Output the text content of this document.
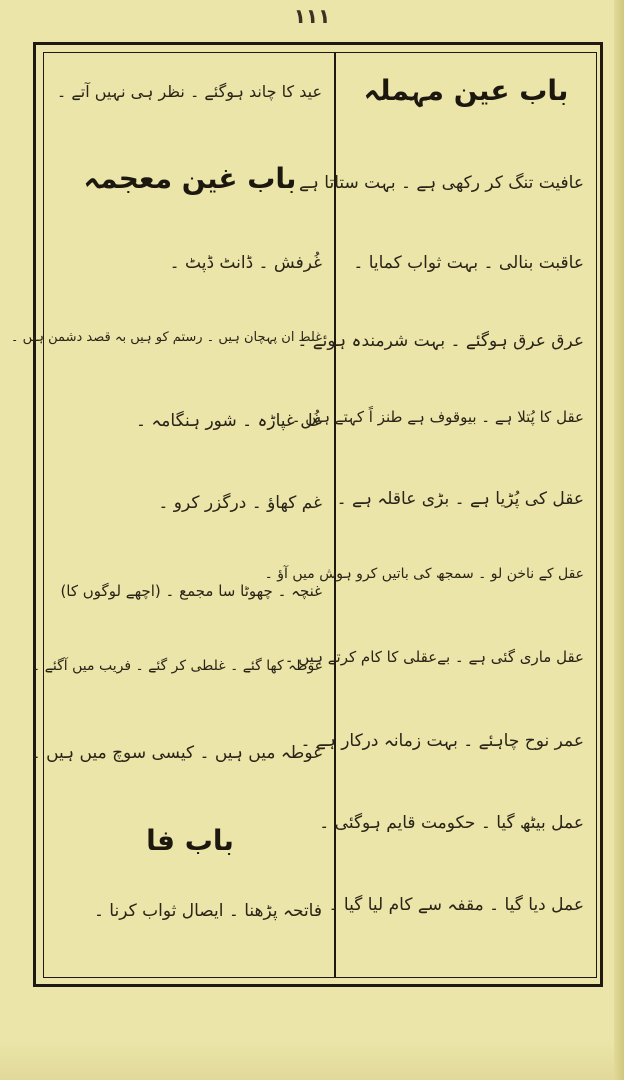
۱۱۱
باب عین مہملہ
عافیت تنگ کر رکھی ہے ۔ بہت ستاتا ہے ۔
عاقبت بنالی ۔ بہت ثواب کمایا ۔
عرق عرق ہوگئے ۔ بہت شرمندہ ہوئے ۔
عقل کا پُتلا ہے ۔ بیوقوف ہے طنز اً کہتے ہیں ۔
عقل کی پُڑیا ہے ۔ بڑی عاقلہ ہے ۔
عقل کے ناخن لو ۔ سمجھ کی باتیں کرو ہوش میں آؤ ۔
عقل ماری گئی ہے ۔ بےعقلی کا کام کرتے ہیں ۔
عمر نوح چاہئے ۔ بہت زمانہ درکار ہے ۔
عمل بیٹھ گیا ۔ حکومت قایم ہوگئی ۔
عمل دیا گیا ۔ مقفہ سے کام لیا گیا ۔
عید کا چاند ہوگئے ۔ نظر ہی نہیں آتے ۔
باب غین معجمہ
غُرفش ۔ ڈانٹ ڈپٹ ۔
غلط ان پہچان ہیں ۔ رستم کو ہیں بہ قصد دشمن ہیں ۔
غُل غپاڑہ ۔ شور ہنگامہ ۔
غم کھاؤ ۔ درگزر کرو ۔
غنچہ ۔ چھوٹا سا مجمع ۔ (اچھے لوگوں کا)
غوطہ کھا گئے ۔ غلطی کر گئے ۔ فریب میں آگئے ۔
غوطہ میں ہیں ۔ کیسی سوچ میں ہیں ۔
باب فا
فاتحہ پڑھنا ۔ ایصال ثواب کرنا ۔
